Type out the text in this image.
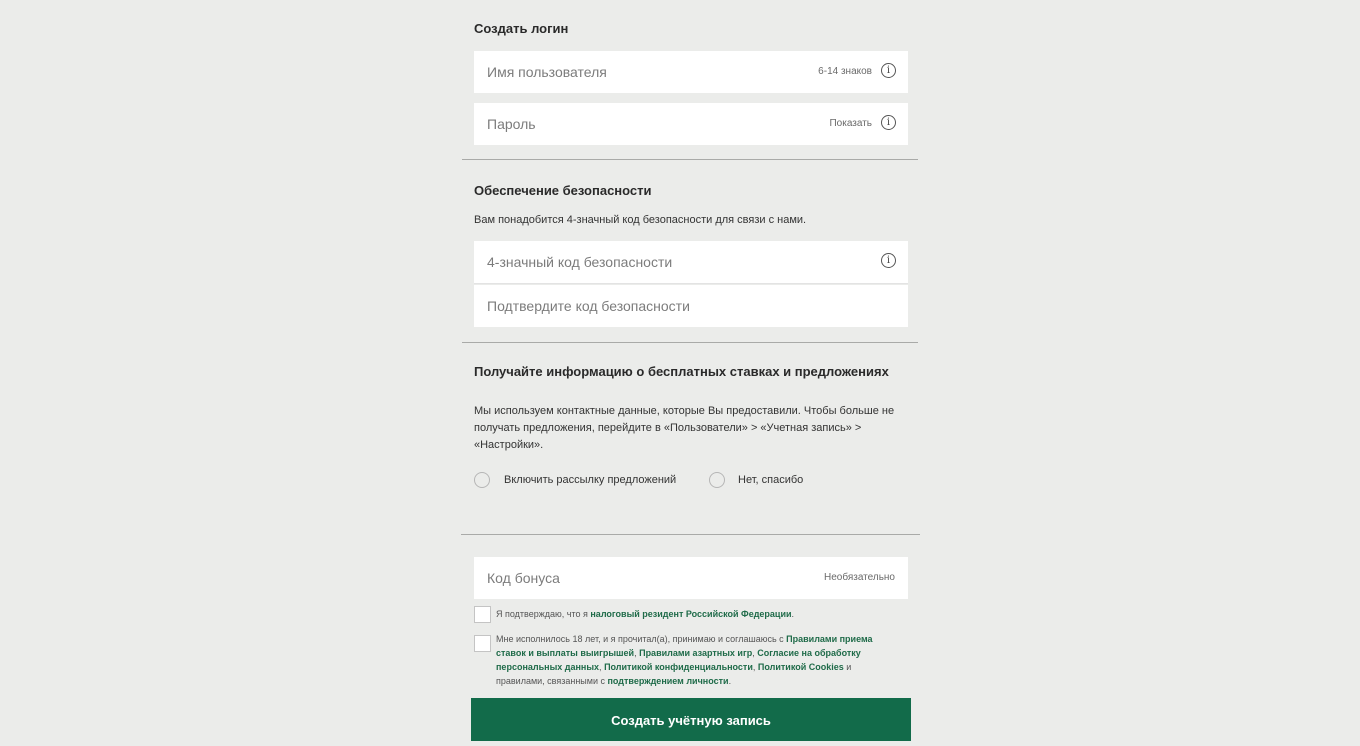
Создать логин
Имя пользователя	6-14 знаков	i
Пароль	Показать	i
Обеспечение безопасности
Вам понадобится 4-значный код безопасности для связи с нами.
4-значный код безопасности	i
Подтвердите код безопасности
Получайте информацию о бесплатных ставках и предложениях
Мы используем контактные данные, которые Вы предоставили. Чтобы больше не получать предложения, перейдите в «Пользователи» > «Учетная запись» > «Настройки».
Включить рассылку предложений	Нет, спасибо
Код бонуса	Необязательно
Я подтверждаю, что я налоговый резидент Российской Федерации.
Мне исполнилось 18 лет, и я прочитал(а), принимаю и соглашаюсь с Правилами приема ставок и выплаты выигрышей, Правилами азартных игр, Согласие на обработку персональных данных, Политикой конфиденциальности, Политикой Cookies и правилами, связанными с подтверждением личности.
Создать учётную запись
